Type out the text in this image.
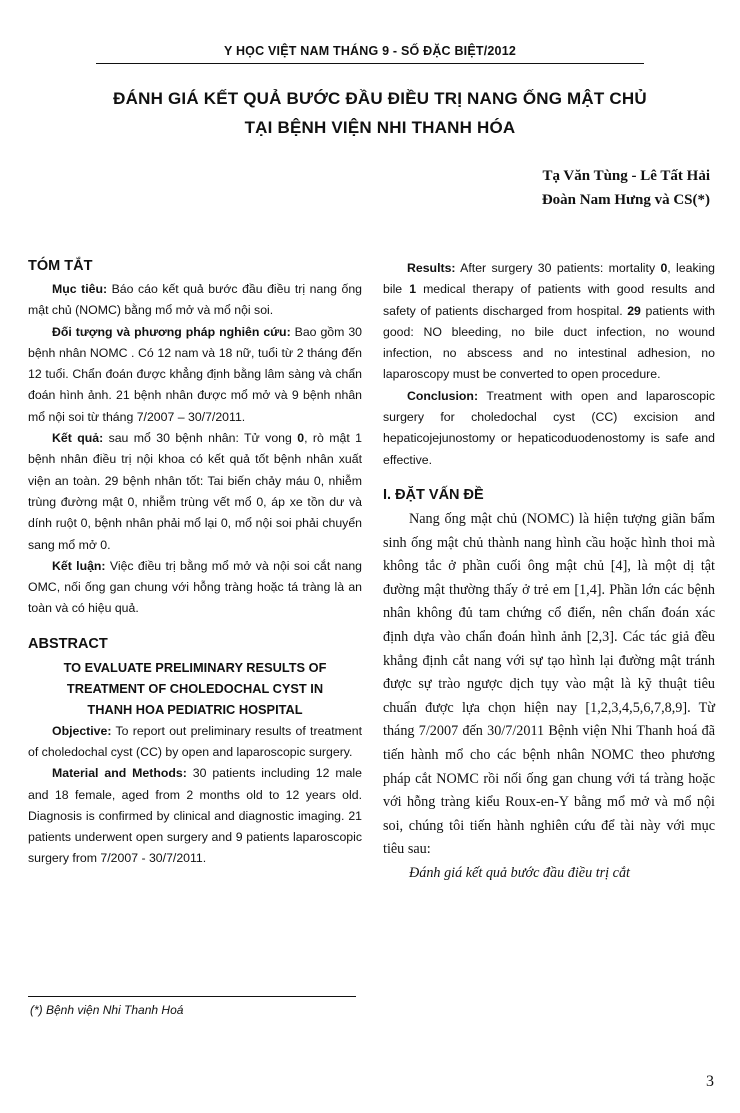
Y HỌC VIỆT NAM THÁNG 9 - SỐ ĐẶC BIỆT/2012
ĐÁNH GIÁ KẾT QUẢ BƯỚC ĐẦU ĐIỀU TRỊ NANG ỐNG MẬT CHỦ
TẠI BỆNH VIỆN NHI THANH HÓA
Tạ Văn Tùng - Lê Tất Hải
Đoàn Nam Hưng và CS(*)
TÓM TẮT

Mục tiêu: Báo cáo kết quả bước đầu điều trị nang ống mật chủ (NOMC) bằng mổ mở và mổ nội soi.

Đối tượng và phương pháp nghiên cứu: Bao gồm 30 bệnh nhân NOMC . Có 12 nam và 18 nữ, tuổi từ 2 tháng đến 12 tuổi. Chẩn đoán được khẳng định bằng lâm sàng và chẩn đoán hình ảnh. 21 bệnh nhân được mổ mở và 9 bệnh nhân mổ nội soi từ tháng 7/2007 – 30/7/2011.

Kết quả: sau mổ 30 bệnh nhân: Tử vong 0, rò mật 1 bệnh nhân điều trị nội khoa có kết quả tốt bệnh nhân xuất viện an toàn. 29 bệnh nhân tốt: Tai biến chảy máu 0, nhiễm trùng đường mật 0, nhiễm trùng vết mổ 0, áp xe tồn dư và dính ruột 0, bệnh nhân phải mổ lại 0, mổ nội soi phải chuyển sang mổ mở 0.

Kết luận: Việc điều trị bằng mổ mở và nội soi cắt nang OMC, nối ống gan chung với hỗng tràng hoặc tá tràng là an toàn và có hiệu quả.

ABSTRACT

TO EVALUATE PRELIMINARY RESULTS OF

TREATMENT OF CHOLEDOCHAL CYST IN

THANH HOA PEDIATRIC HOSPITAL

Objective: To report out preliminary results of treatment of choledochal cyst (CC) by open and laparoscopic surgery.

Material and Methods: 30 patients including 12 male and 18 female, aged from 2 months old to 12 years old. Diagnosis is confirmed by clinical and diagnostic imaging. 21 patients underwent open surgery and 9 patients laparoscopic surgery from 7/2007 - 30/7/2011.

Results: After surgery 30 patients: mortality 0, leaking bile 1 medical therapy of patients with good results and safety of patients discharged from hospital. 29 patients with good: NO bleeding, no bile duct infection, no wound infection, no abscess and no intestinal adhesion, no laparoscopy must be converted to open procedure.

Conclusion: Treatment with open and laparoscopic surgery for choledochal cyst (CC) excision and hepaticojejunostomy or hepaticoduodenostomy is safe and effective.

I. ĐẶT VẤN ĐỀ

Nang ống mật chủ (NOMC) là hiện tượng giãn bẩm sinh ống mật chủ thành nang hình cầu hoặc hình thoi mà không tắc ở phần cuối ông mật chủ [4], là một dị tật đường mật thường thấy ở trẻ em [1,4]. Phần lớn các bệnh nhân không đủ tam chứng cổ điển, nên chẩn đoán xác định dựa vào chẩn đoán hình ảnh [2,3]. Các tác giả đều khẳng định cắt nang với sự tạo hình lại đường mật tránh được sự trào ngược dịch tụy vào mật là kỹ thuật tiêu chuẩn được lựa chọn hiện nay [1,2,3,4,5,6,7,8,9]. Từ tháng 7/2007 đến 30/7/2011 Bệnh viện Nhi Thanh hoá đã tiến hành mổ cho các bệnh nhân NOMC theo phương pháp cắt NOMC rồi nối ống gan chung với tá tràng hoặc với hỗng tràng kiểu Roux-en-Y bằng mổ mở và mổ nội soi, chúng tôi tiến hành nghiên cứu để tài này với mục tiêu sau:

Đánh giá kết quả bước đầu điều trị cắt

(*) Bệnh viện Nhi Thanh Hoá
3
